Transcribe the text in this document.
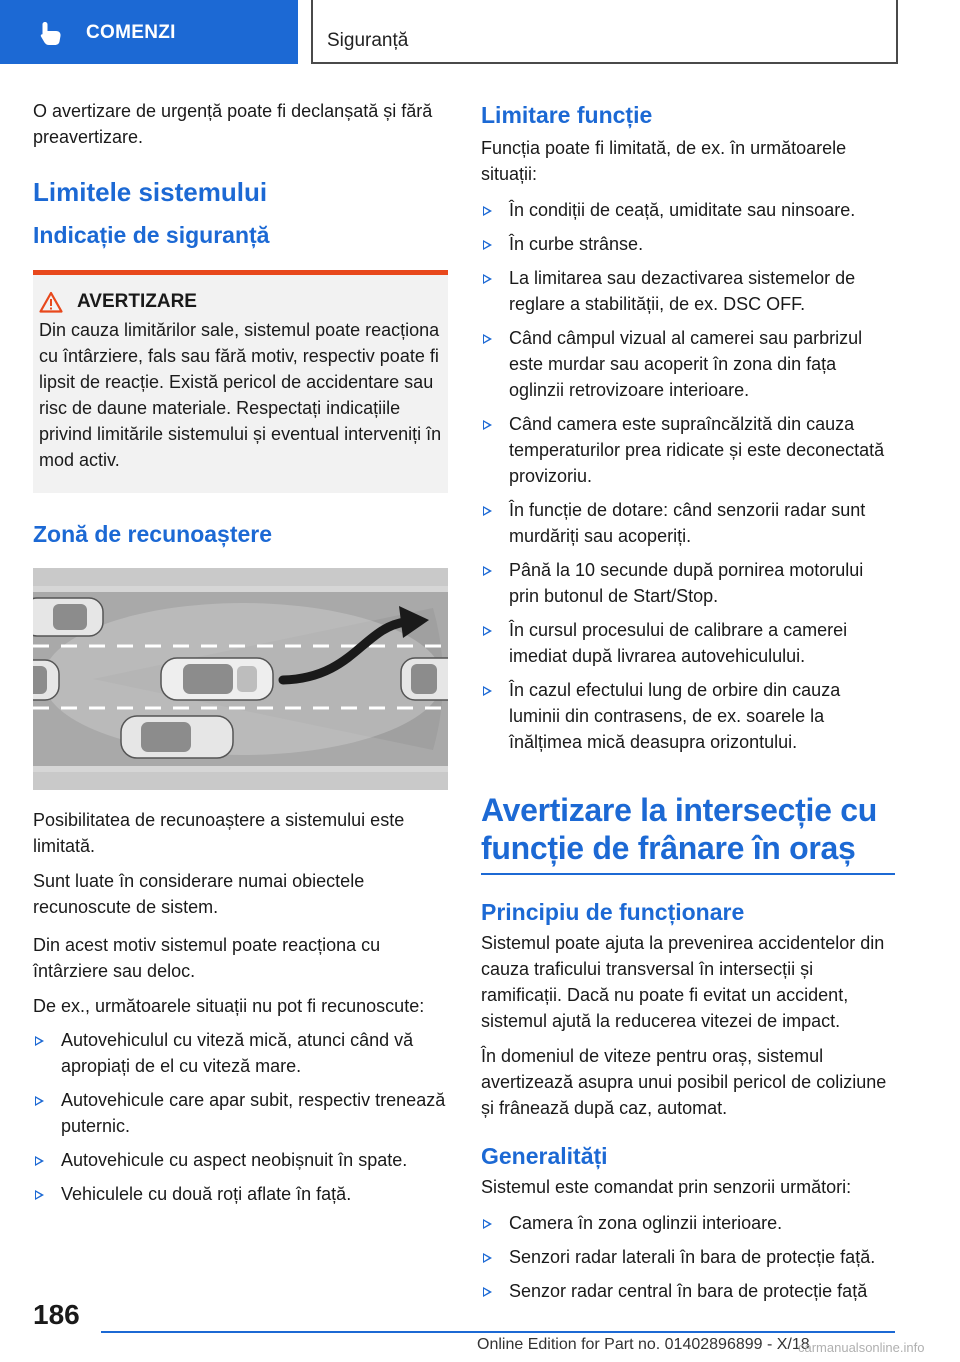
COMENZI	Siguranță

O avertizare de urgență poate fi declanșată și fără preavertizare.

Limitele sistemului
Indicație de siguranță
AVERTIZARE

Din cauza limitărilor sale, sistemul poate reacționa cu întârziere, fals sau fără motiv, respectiv poate fi lipsit de reacție. Există pericol de accidentare sau risc de daune materiale. Respectați indicațiile privind limitările sistemului și eventual interveniți în mod activ.

Zonă de recunoaștere

Posibilitatea de recunoaștere a sistemului este limitată.

Sunt luate în considerare numai obiectele recunoscute de sistem.

Din acest motiv sistemul poate reacționa cu întârziere sau deloc.

De ex., următoarele situații nu pot fi recunoscute:

Autovehiculul cu viteză mică, atunci când vă apropiați de el cu viteză mare.
Autovehicule care apar subit, respectiv trenează puternic.
Autovehicule cu aspect neobișnuit în spate.
Vehiculele cu două roți aflate în față.
Limitare funcție

Funcția poate fi limitată, de ex. în următoarele situații:

În condiții de ceață, umiditate sau ninsoare.
În curbe strânse.
La limitarea sau dezactivarea sistemelor de reglare a stabilității, de ex. DSC OFF.
Când câmpul vizual al camerei sau parbrizul este murdar sau acoperit în zona din fața oglinzii retrovizoare interioare.
Când camera este supraîncălzită din cauza temperaturilor prea ridicate și este deconectată provizoriu.
În funcție de dotare: când senzorii radar sunt murdăriți sau acoperiți.
Până la 10 secunde după pornirea motorului prin butonul de Start/Stop.
În cursul procesului de calibrare a camerei imediat după livrarea autovehiculului.
În cazul efectului lung de orbire din cauza luminii din contrasens, de ex. soarele la înălțimea mică deasupra orizontului.
Avertizare la intersecție cu funcție de frânare în oraș
Principiu de funcționare

Sistemul poate ajuta la prevenirea accidentelor din cauza traficului transversal în intersecții și ramificații. Dacă nu poate fi evitat un accident, sistemul ajută la reducerea vitezei de impact.

În domeniul de viteze pentru oraș, sistemul avertizează asupra unui posibil pericol de coliziune și frânează după caz, automat.

Generalități

Sistemul este comandat prin senzorii următori:

Camera în zona oglinzii interioare.
Senzori radar laterali în bara de protecție față.
Senzor radar central în bara de protecție față
186
Online Edition for Part no. 01402896899 - X/18
carmanualsonline.info
